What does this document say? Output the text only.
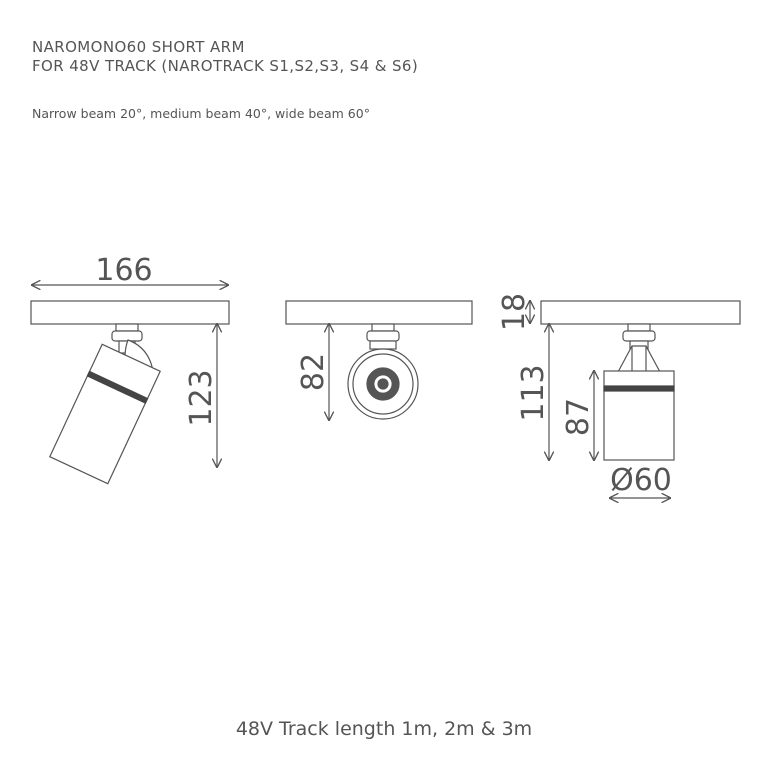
NAROMONO60 SHORT ARM
FOR 48V TRACK (NAROTRACK S1,S2,S3, S4 & S6)
Narrow beam 20°, medium beam 40°, wide beam 60°
166
123	82
18
113 87
Ø60
48V Track length 1m, 2m & 3m
